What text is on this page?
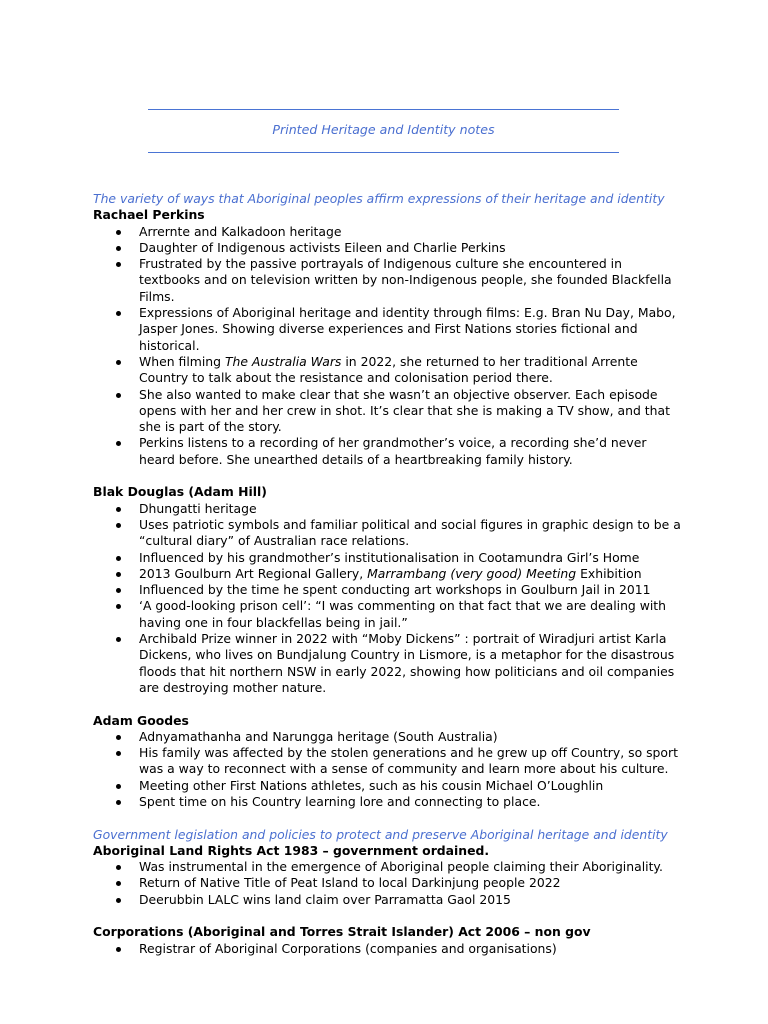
Printed Heritage and Identity notes

The variety of ways that Aboriginal peoples affirm expressions of their heritage and identity

Rachael Perkins

Arrernte and Kalkadoon heritage
Daughter of Indigenous activists Eileen and Charlie Perkins
Frustrated by the passive portrayals of Indigenous culture she encountered in textbooks and on television written by non-Indigenous people, she founded Blackfella Films.
Expressions of Aboriginal heritage and identity through films: E.g. Bran Nu Day, Mabo, Jasper Jones. Showing diverse experiences and First Nations stories fictional and historical.
When filming The Australia Wars in 2022, she returned to her traditional Arrente Country to talk about the resistance and colonisation period there.
She also wanted to make clear that she wasn’t an objective observer. Each episode opens with her and her crew in shot. It’s clear that she is making a TV show, and that she is part of the story.
Perkins listens to a recording of her grandmother’s voice, a recording she’d never heard before. She unearthed details of a heartbreaking family history.

Blak Douglas (Adam Hill)

Dhungatti heritage
Uses patriotic symbols and familiar political and social figures in graphic design to be a “cultural diary” of Australian race relations.
Influenced by his grandmother’s institutionalisation in Cootamundra Girl’s Home
2013 Goulburn Art Regional Gallery, Marrambang (very good) Meeting Exhibition
Influenced by the time he spent conducting art workshops in Goulburn Jail in 2011
‘A good-looking prison cell’: “I was commenting on that fact that we are dealing with having one in four blackfellas being in jail.”
Archibald Prize winner in 2022 with “Moby Dickens” : portrait of Wiradjuri artist Karla Dickens, who lives on Bundjalung Country in Lismore, is a metaphor for the disastrous floods that hit northern NSW in early 2022, showing how politicians and oil companies are destroying mother nature.

Adam Goodes

Adnyamathanha and Narungga heritage (South Australia)
His family was affected by the stolen generations and he grew up off Country, so sport was a way to reconnect with a sense of community and learn more about his culture.
Meeting other First Nations athletes, such as his cousin Michael O’Loughlin
Spent time on his Country learning lore and connecting to place.

Government legislation and policies to protect and preserve Aboriginal heritage and identity

Aboriginal Land Rights Act 1983 – government ordained.

Was instrumental in the emergence of Aboriginal people claiming their Aboriginality.
Return of Native Title of Peat Island to local Darkinjung people 2022
Deerubbin LALC wins land claim over Parramatta Gaol 2015

Corporations (Aboriginal and Torres Strait Islander) Act 2006 – non gov

Registrar of Aboriginal Corporations (companies and organisations)
